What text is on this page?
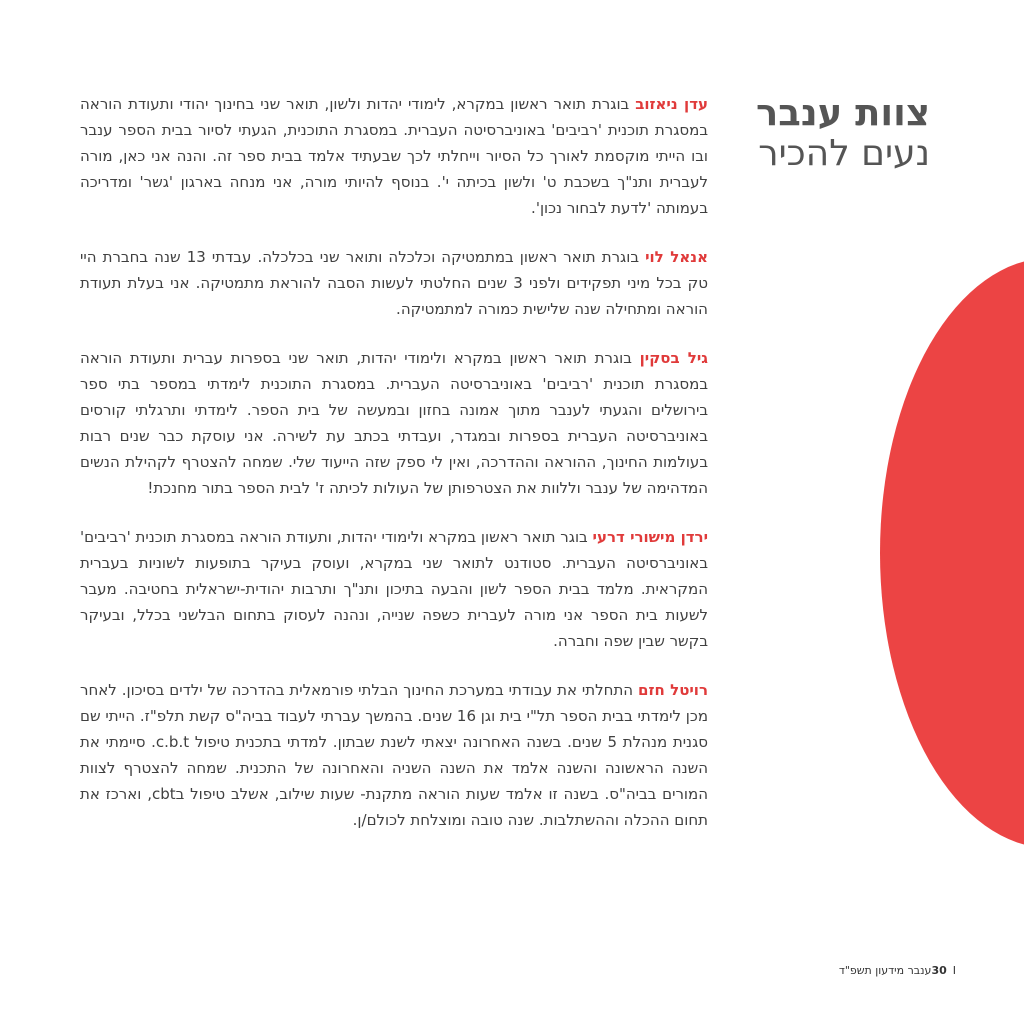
צוות ענבר
נעים להכיר

עדן ניאזוב בוגרת תואר ראשון במקרא, לימודי יהדות ולשון, תואר שני בחינוך יהודי ותעודת הוראה במסגרת תוכנית 'רביבים' באוניברסיטה העברית. במסגרת התוכנית, הגעתי לסיור בבית הספר ענבר ובו הייתי מוקסמת לאורך כל הסיור וייחלתי לכך שבעתיד אלמד בבית ספר זה. והנה אני כאן, מורה לעברית ותנ"ך בשכבת ט' ולשון בכיתה י'. בנוסף להיותי מורה, אני מנחה בארגון 'גשר' ומדריכה בעמותה 'לדעת לבחור נכון'.

אנאל לוי בוגרת תואר ראשון במתמטיקה וכלכלה ותואר שני בכלכלה. עבדתי 13 שנה בחברת היי טק בכל מיני תפקידים ולפני 3 שנים החלטתי לעשות הסבה להוראת מתמטיקה. אני בעלת תעודת הוראה ומתחילה שנה שלישית כמורה למתמטיקה.

גיל בסקין בוגרת תואר ראשון במקרא ולימודי יהדות, תואר שני בספרות עברית ותעודת הוראה במסגרת תוכנית 'רביבים' באוניברסיטה העברית. במסגרת התוכנית לימדתי במספר בתי ספר בירושלים והגעתי לענבר מתוך אמונה בחזון ובמעשה של בית הספר. לימדתי ותרגלתי קורסים באוניברסיטה העברית בספרות ובמגדר, ועבדתי בכתב עת לשירה. אני עוסקת כבר שנים רבות בעולמות החינוך, ההוראה וההדרכה, ואין לי ספק שזה הייעוד שלי. שמחה להצטרף לקהילת הנשים המדהימה של ענבר וללוות את הצטרפותן של העולות לכיתה ז' לבית הספר בתור מחנכת!

ירדן מישורי דרעי בוגר תואר ראשון במקרא ולימודי יהדות, ותעודת הוראה במסגרת תוכנית 'רביבים' באוניברסיטה העברית. סטודנט לתואר שני במקרא, ועוסק בעיקר בתופעות לשוניות בעברית המקראית. מלמד בבית הספר לשון והבעה בתיכון ותנ"ך ותרבות יהודית-ישראלית בחטיבה. מעבר לשעות בית הספר אני מורה לעברית כשפה שנייה, ונהנה לעסוק בתחום הבלשני בכלל, ובעיקר בקשר שבין שפה וחברה.

רויטל חזם התחלתי את עבודתי במערכת החינוך הבלתי פורמאלית בהדרכה של ילדים בסיכון. לאחר מכן לימדתי בבית הספר תל"י בית וגן 16 שנים. בהמשך עברתי לעבוד בביה"ס קשת תלפ"ז. הייתי שם סגנית מנהלת 5 שנים. בשנה האחרונה יצאתי לשנת שבתון. למדתי בתכנית טיפול c.b.t. סיימתי את השנה הראשונה והשנה אלמד את השנה השניה והאחרונה של התכנית. שמחה להצטרף לצוות המורים בביה"ס. בשנה זו אלמד שעות הוראה מתקנת- שעות שילוב, אשלב טיפול בcbt, וארכז את תחום ההכלה וההשתלבות. שנה טובה ומוצלחת לכולם/ן.

30 Iענבר מידעון תשפ"ד
